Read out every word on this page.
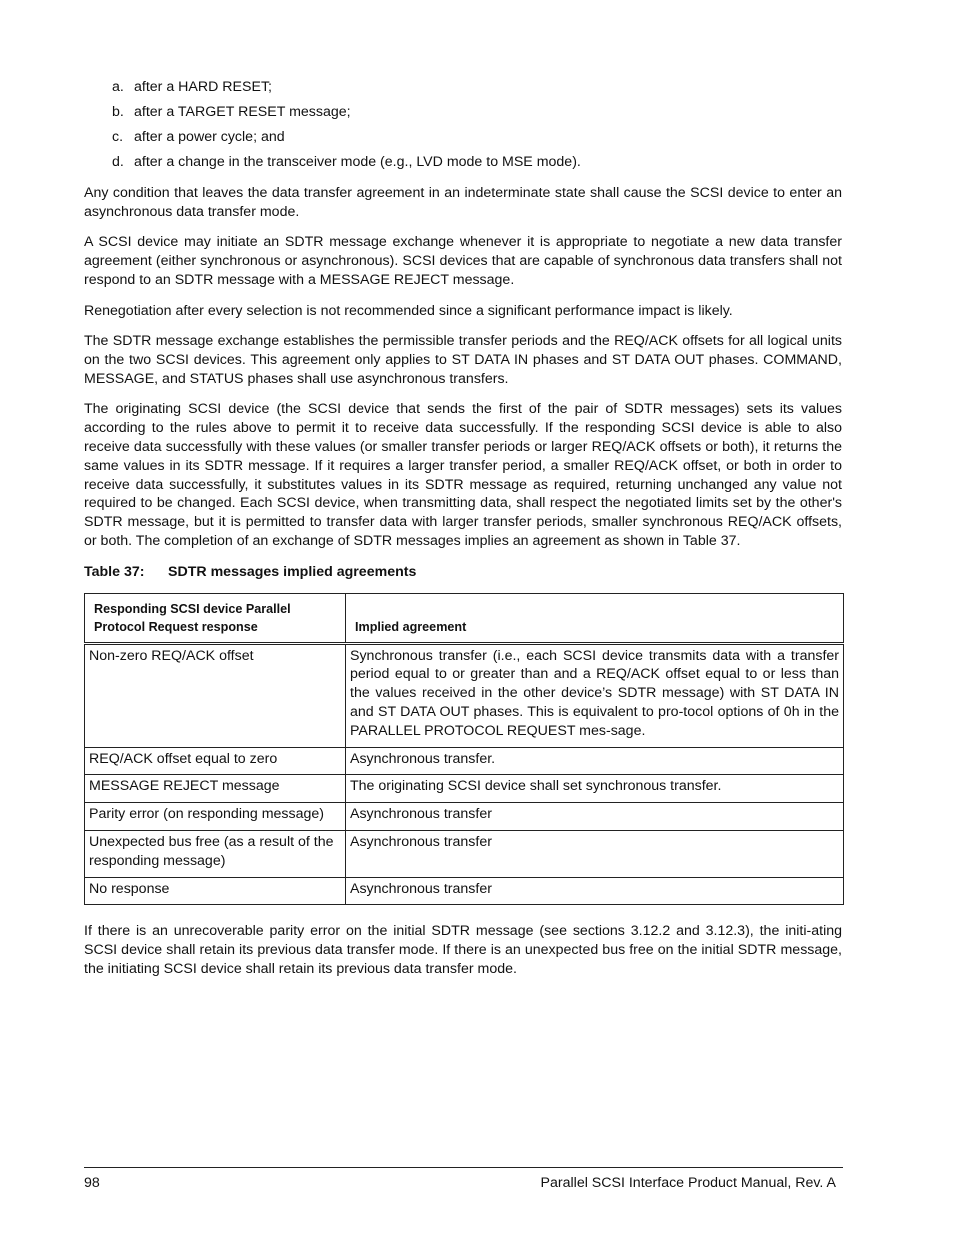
a. after a HARD RESET;
b. after a TARGET RESET message;
c. after a power cycle; and
d. after a change in the transceiver mode (e.g., LVD mode to MSE mode).

Any condition that leaves the data transfer agreement in an indeterminate state shall cause the SCSI device to enter an asynchronous data transfer mode.

A SCSI device may initiate an SDTR message exchange whenever it is appropriate to negotiate a new data transfer agreement (either synchronous or asynchronous). SCSI devices that are capable of synchronous data transfers shall not respond to an SDTR message with a MESSAGE REJECT message.

Renegotiation after every selection is not recommended since a significant performance impact is likely.

The SDTR message exchange establishes the permissible transfer periods and the REQ/ACK offsets for all logical units on the two SCSI devices. This agreement only applies to ST DATA IN phases and ST DATA OUT phases. COMMAND, MESSAGE, and STATUS phases shall use asynchronous transfers.

The originating SCSI device (the SCSI device that sends the first of the pair of SDTR messages) sets its values according to the rules above to permit it to receive data successfully. If the responding SCSI device is able to also receive data successfully with these values (or smaller transfer periods or larger REQ/ACK offsets or both), it returns the same values in its SDTR message. If it requires a larger transfer period, a smaller REQ/ACK offset, or both in order to receive data successfully, it substitutes values in its SDTR message as required, returning unchanged any value not required to be changed. Each SCSI device, when transmitting data, shall respect the negotiated limits set by the other's SDTR message, but it is permitted to transfer data with larger transfer periods, smaller synchronous REQ/ACK offsets, or both. The completion of an exchange of SDTR messages implies an agreement as shown in Table 37.

Table 37:	SDTR messages implied agreements
Responding SCSI device Parallel Protocol Request response	Implied agreement
Non-zero REQ/ACK offset	Synchronous transfer (i.e., each SCSI device transmits data with a transfer period equal to or greater than and a REQ/ACK offset equal to or less than the values received in the other device’s SDTR message) with ST DATA IN and ST DATA OUT phases. This is equivalent to pro-tocol options of 0h in the PARALLEL PROTOCOL REQUEST mes-sage.
REQ/ACK offset equal to zero	Asynchronous transfer.
MESSAGE REJECT message	The originating SCSI device shall set synchronous transfer.
Parity error (on responding message)	Asynchronous transfer
Unexpected bus free (as a result of the responding message)	Asynchronous transfer
No response	Asynchronous transfer

If there is an unrecoverable parity error on the initial SDTR message (see sections 3.12.2 and 3.12.3), the initi-ating SCSI device shall retain its previous data transfer mode. If there is an unexpected bus free on the initial SDTR message, the initiating SCSI device shall retain its previous data transfer mode.

98	Parallel SCSI Interface Product Manual, Rev. A
